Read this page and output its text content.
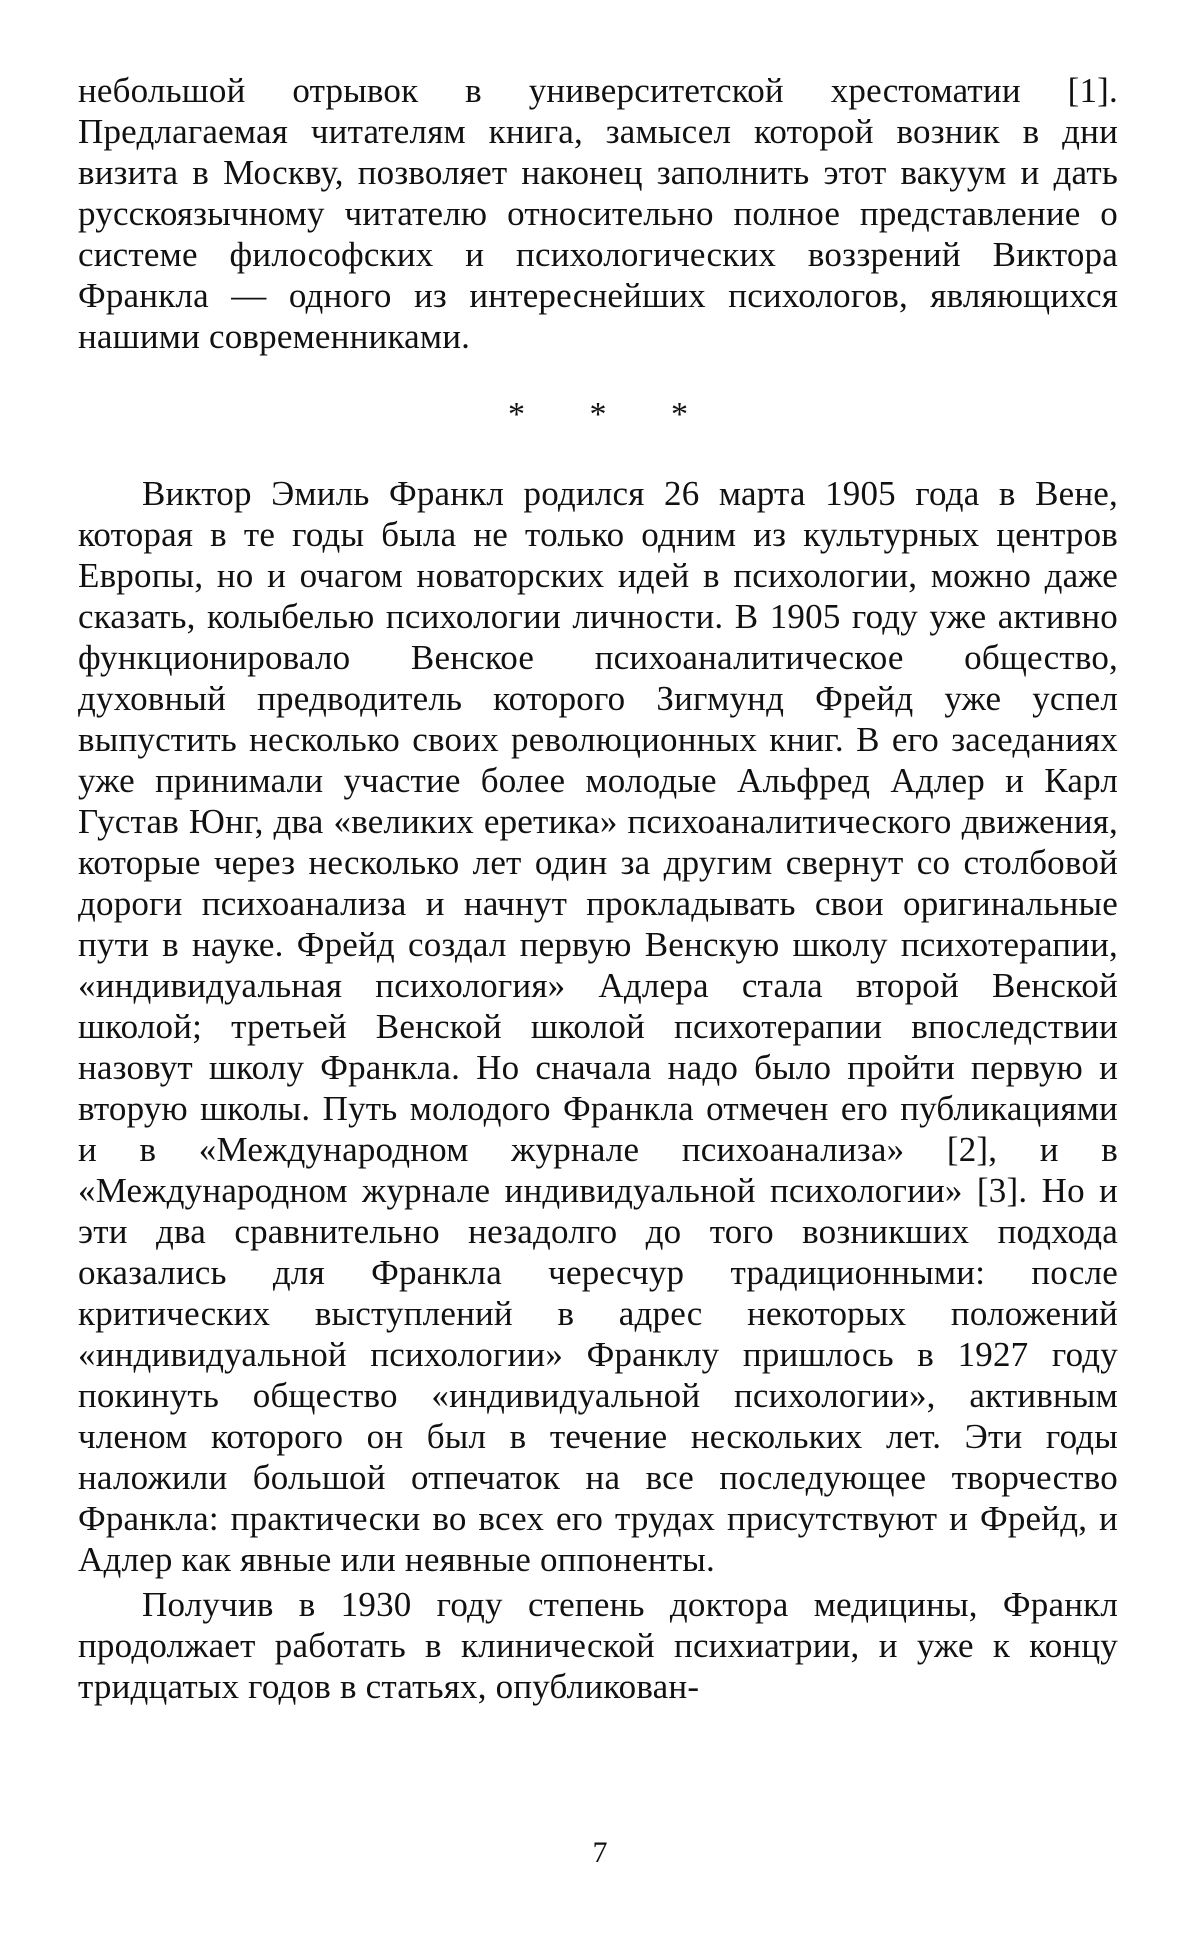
небольшой отрывок в университетской хрестоматии [1]. Предлагаемая читателям книга, замысел которой возник в дни визита в Москву, позволяет наконец заполнить этот вакуум и дать русскоязычному читателю относительно полное представление о системе философских и психологических воззрений Виктора Франкла — одного из интереснейших психологов, являющихся нашими современниками.

* * *

Виктор Эмиль Франкл родился 26 марта 1905 года в Вене, которая в те годы была не только одним из культурных центров Европы, но и очагом новаторских идей в психологии, можно даже сказать, колыбелью психологии личности. В 1905 году уже активно функционировало Венское психоаналитическое общество, духовный предводитель которого Зигмунд Фрейд уже успел выпустить несколько своих революционных книг. В его заседаниях уже принимали участие более молодые Альфред Адлер и Карл Густав Юнг, два «великих еретика» психоаналитического движения, которые через несколько лет один за другим свернут со столбовой дороги психоанализа и начнут прокладывать свои оригинальные пути в науке. Фрейд создал первую Венскую школу психотерапии, «индивидуальная психология» Адлера стала второй Венской школой; третьей Венской школой психотерапии впоследствии назовут школу Франкла. Но сначала надо было пройти первую и вторую школы. Путь молодого Франкла отмечен его публикациями и в «Международном журнале психоанализа» [2], и в «Международном журнале индивидуальной психологии» [3]. Но и эти два сравнительно незадолго до того возникших подхода оказались для Франкла чересчур традиционными: после критических выступлений в адрес некоторых положений «индивидуальной психологии» Франклу пришлось в 1927 году покинуть общество «индивидуальной психологии», активным членом которого он был в течение нескольких лет. Эти годы наложили большой отпечаток на все последующее творчество Франкла: практически во всех его трудах присутствуют и Фрейд, и Адлер как явные или неявные оппоненты.

Получив в 1930 году степень доктора медицины, Франкл продолжает работать в клинической психиатрии, и уже к концу тридцатых годов в статьях, опубликован-

7
